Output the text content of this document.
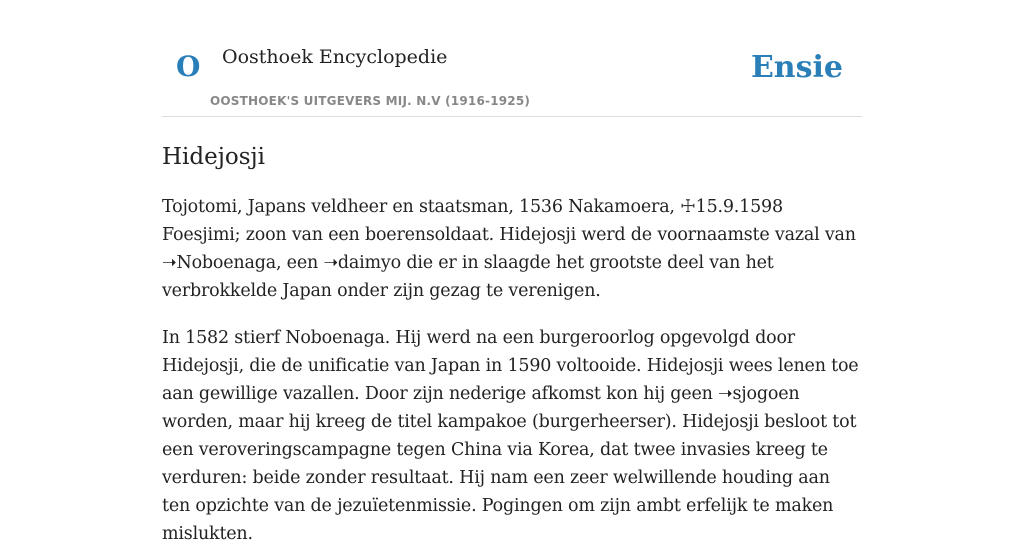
O Oosthoek Encyclopedie
OOSTHOEK'S UITGEVERS MIJ. N.V (1916-1925)
Ensie
Hidejosji

Tojotomi, Japans veldheer en staatsman, 1536 Nakamoera, ☩15.9.1598 Foesjimi; zoon van een boerensoldaat. Hidejosji werd de voornaamste vazal van ➝Noboenaga, een ➝daimyo die er in slaagde het grootste deel van het verbrokkelde Japan onder zijn gezag te verenigen.

In 1582 stierf Noboenaga. Hij werd na een burgeroorlog opgevolgd door Hidejosji, die de unificatie van Japan in 1590 voltooide. Hidejosji wees lenen toe aan gewillige vazallen. Door zijn nederige afkomst kon hij geen ➝sjogoen worden, maar hij kreeg de titel kampakoe (burgerheerser). Hidejosji besloot tot een veroveringscampagne tegen China via Korea, dat twee invasies kreeg te verduren: beide zonder resultaat. Hij nam een zeer welwillende houding aan ten opzichte van de jezuïetenmissie. Pogingen om zijn ambt erfelijk te maken mislukten.
